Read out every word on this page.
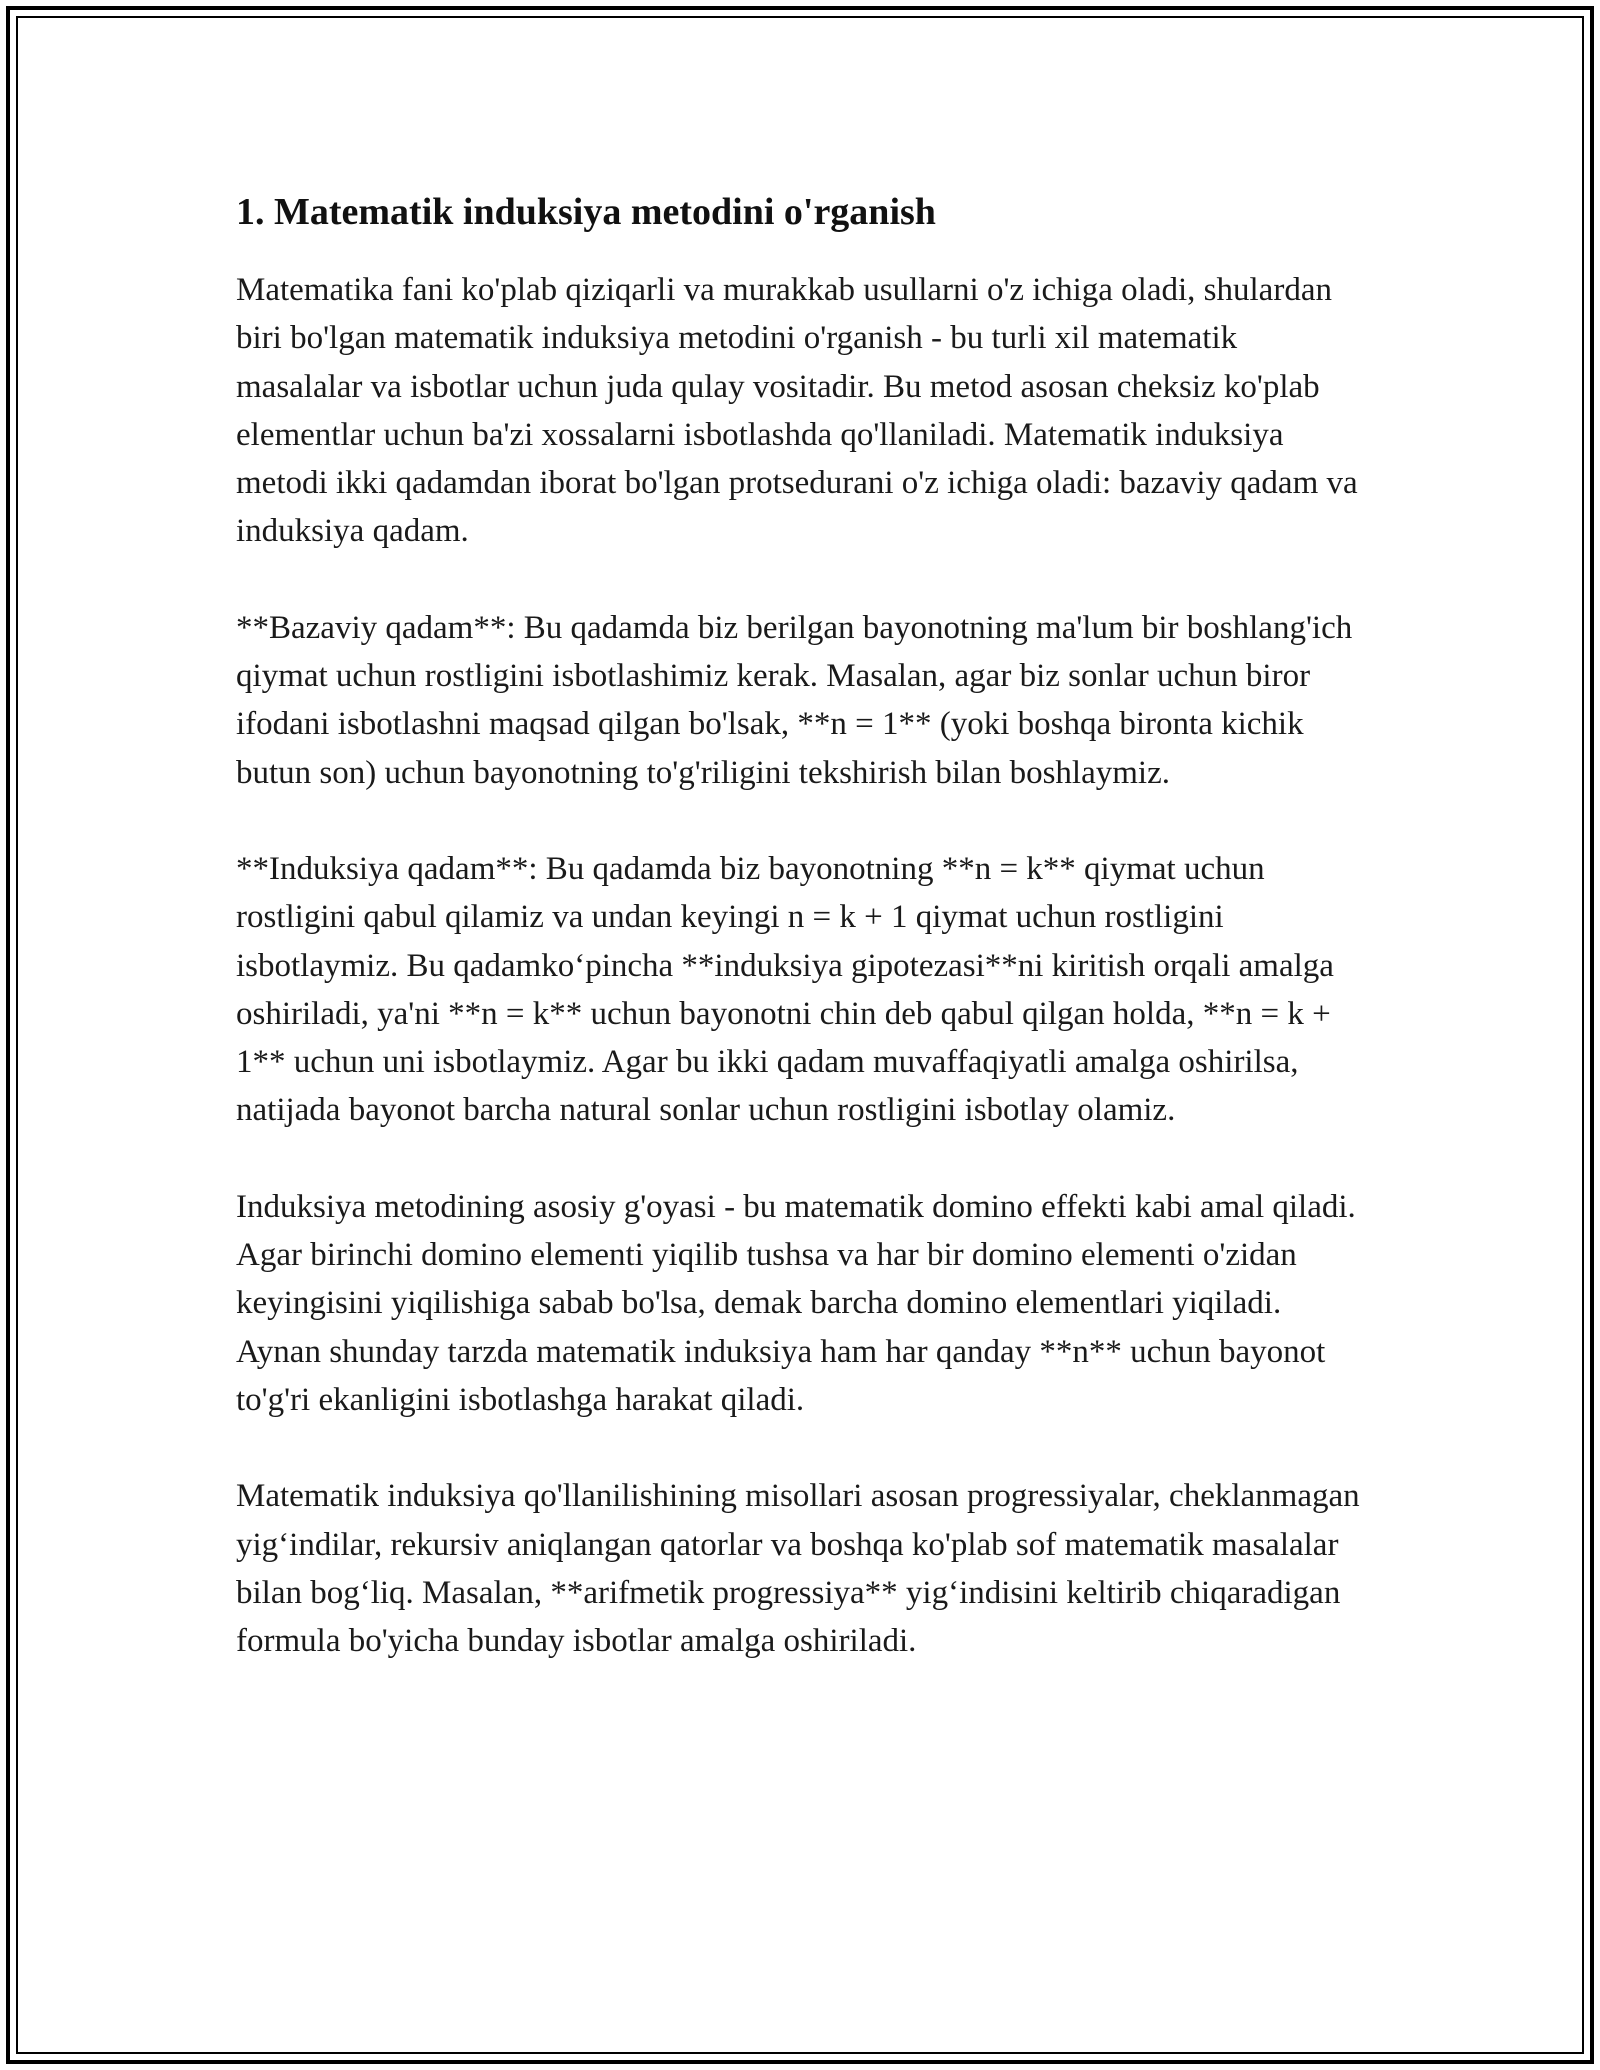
1. Matematik induksiya metodini o'rganish

Matematika fani ko'plab qiziqarli va murakkab usullarni o'z ichiga oladi, shulardan biri bo'lgan matematik induksiya metodini o'rganish - bu turli xil matematik masalalar va isbotlar uchun juda qulay vositadir. Bu metod asosan cheksiz ko'plab elementlar uchun ba'zi xossalarni isbotlashda qo'llaniladi. Matematik induksiya metodi ikki qadamdan iborat bo'lgan protsedurani o'z ichiga oladi: bazaviy qadam va induksiya qadam.

**Bazaviy qadam**: Bu qadamda biz berilgan bayonotning ma'lum bir boshlang'ich qiymat uchun rostligini isbotlashimiz kerak. Masalan, agar biz sonlar uchun biror ifodani isbotlashni maqsad qilgan bo'lsak, **n = 1** (yoki boshqa bironta kichik butun son) uchun bayonotning to'g'riligini tekshirish bilan boshlaymiz.

**Induksiya qadam**: Bu qadamda biz bayonotning **n = k** qiymat uchun rostligini qabul qilamiz va undan keyingi n = k + 1 qiymat uchun rostligini isbotlaymiz. Bu qadamko‘pincha **induksiya gipotezasi**ni kiritish orqali amalga oshiriladi, ya'ni **n = k** uchun bayonotni chin deb qabul qilgan holda, **n = k + 1** uchun uni isbotlaymiz. Agar bu ikki qadam muvaffaqiyatli amalga oshirilsa, natijada bayonot barcha natural sonlar uchun rostligini isbotlay olamiz.

Induksiya metodining asosiy g'oyasi - bu matematik domino effekti kabi amal qiladi. Agar birinchi domino elementi yiqilib tushsa va har bir domino elementi o'zidan keyingisini yiqilishiga sabab bo'lsa, demak barcha domino elementlari yiqiladi. Aynan shunday tarzda matematik induksiya ham har qanday **n** uchun bayonot to'g'ri ekanligini isbotlashga harakat qiladi.

Matematik induksiya qo'llanilishining misollari asosan progressiyalar, cheklanmagan yig‘indilar, rekursiv aniqlangan qatorlar va boshqa ko'plab sof matematik masalalar bilan bog‘liq. Masalan, **arifmetik progressiya** yig‘indisini keltirib chiqaradigan formula bo'yicha bunday isbotlar amalga oshiriladi.
